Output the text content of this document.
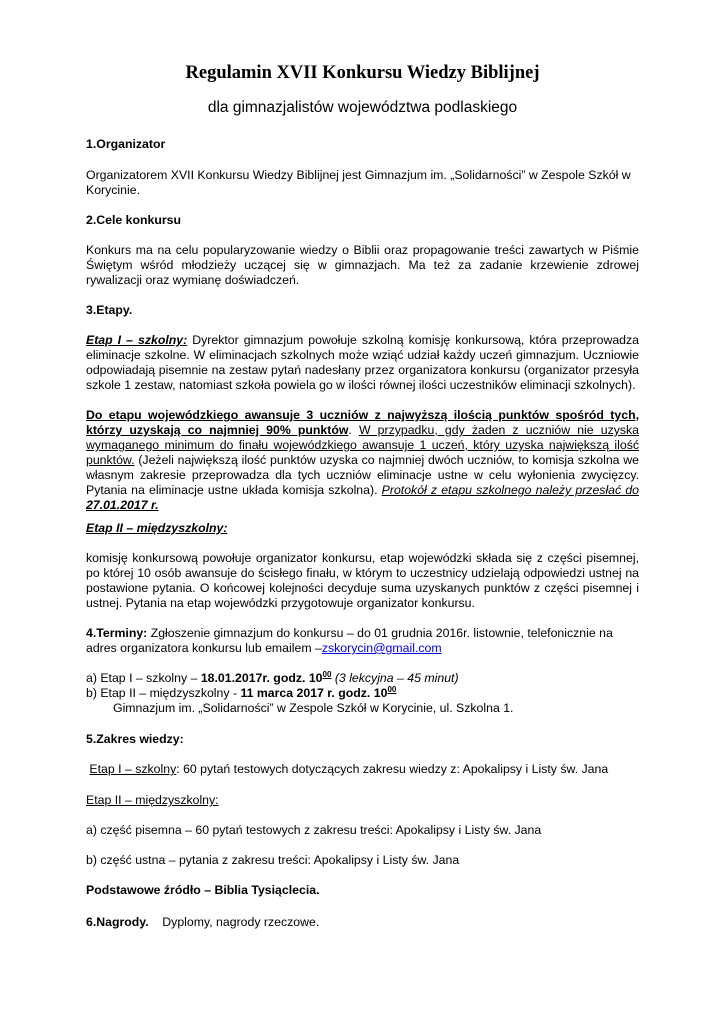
Regulamin XVII Konkursu Wiedzy Biblijnej
dla gimnazjalistów województwa podlaskiego

1.Organizator

Organizatorem XVII Konkursu Wiedzy Biblijnej jest Gimnazjum im. „Solidarności” w Zespole Szkół w Korycinie.

2.Cele konkursu

Konkurs ma na celu popularyzowanie wiedzy o Biblii oraz propagowanie treści zawartych w Piśmie Świętym wśród młodzieży uczącej się w gimnazjach. Ma też za zadanie krzewienie zdrowej rywalizacji oraz wymianę doświadczeń.

3.Etapy.

Etap I – szkolny: Dyrektor gimnazjum powołuje szkolną komisję konkursową, która przeprowadza eliminacje szkolne. W eliminacjach szkolnych może wziąć udział każdy uczeń gimnazjum. Uczniowie odpowiadają pisemnie na zestaw pytań nadesłany przez organizatora konkursu (organizator przesyła szkole 1 zestaw, natomiast szkoła powiela go w ilości równej ilości uczestników eliminacji szkolnych).

Do etapu wojewódzkiego awansuje 3 uczniów z najwyższą ilością punktów spośród tych, którzy uzyskają co najmniej 90% punktów. W przypadku, gdy żaden z uczniów nie uzyska wymaganego minimum do finału wojewódzkiego awansuje 1 uczeń, który uzyska największą ilość punktów. (Jeżeli największą ilość punktów uzyska co najmniej dwóch uczniów, to komisja szkolna we własnym zakresie przeprowadza dla tych uczniów eliminacje ustne w celu wyłonienia zwycięzcy. Pytania na eliminacje ustne układa komisja szkolna). Protokół z etapu szkolnego należy przesłać do 27.01.2017 r.

Etap II – międzyszkolny:

komisję konkursową powołuje organizator konkursu, etap wojewódzki składa się z części pisemnej, po której 10 osób awansuje do ścisłego finału, w którym to uczestnicy udzielają odpowiedzi ustnej na postawione pytania. O końcowej kolejności decyduje suma uzyskanych punktów z części pisemnej i ustnej. Pytania na etap wojewódzki przygotowuje organizator konkursu.

4.Terminy: Zgłoszenie gimnazjum do konkursu – do 01 grudnia 2016r. listownie, telefonicznie na adres organizatora konkursu lub emailem –zskorycin@gmail.com

a) Etap I – szkolny – 18.01.2017r. godz. $10^{00}$ (3 lekcyjna – 45 minut)

b) Etap II – międzyszkolny - 11 marca 2017 r. godz. $10^{00}$

Gimnazjum im. „Solidarności” w Zespole Szkół w Korycinie, ul. Szkolna 1.

5.Zakres wiedzy:

Etap I – szkolny: 60 pytań testowych dotyczących zakresu wiedzy z: Apokalipsy i Listy św. Jana

Etap II – międzyszkolny:

a) część pisemna – 60 pytań testowych z zakresu treści: Apokalipsy i Listy św. Jana

b) część ustna – pytania z zakresu treści: Apokalipsy i Listy św. Jana

Podstawowe źródło – Biblia Tysiąclecia.

6.Nagrody.    Dyplomy, nagrody rzeczowe.
